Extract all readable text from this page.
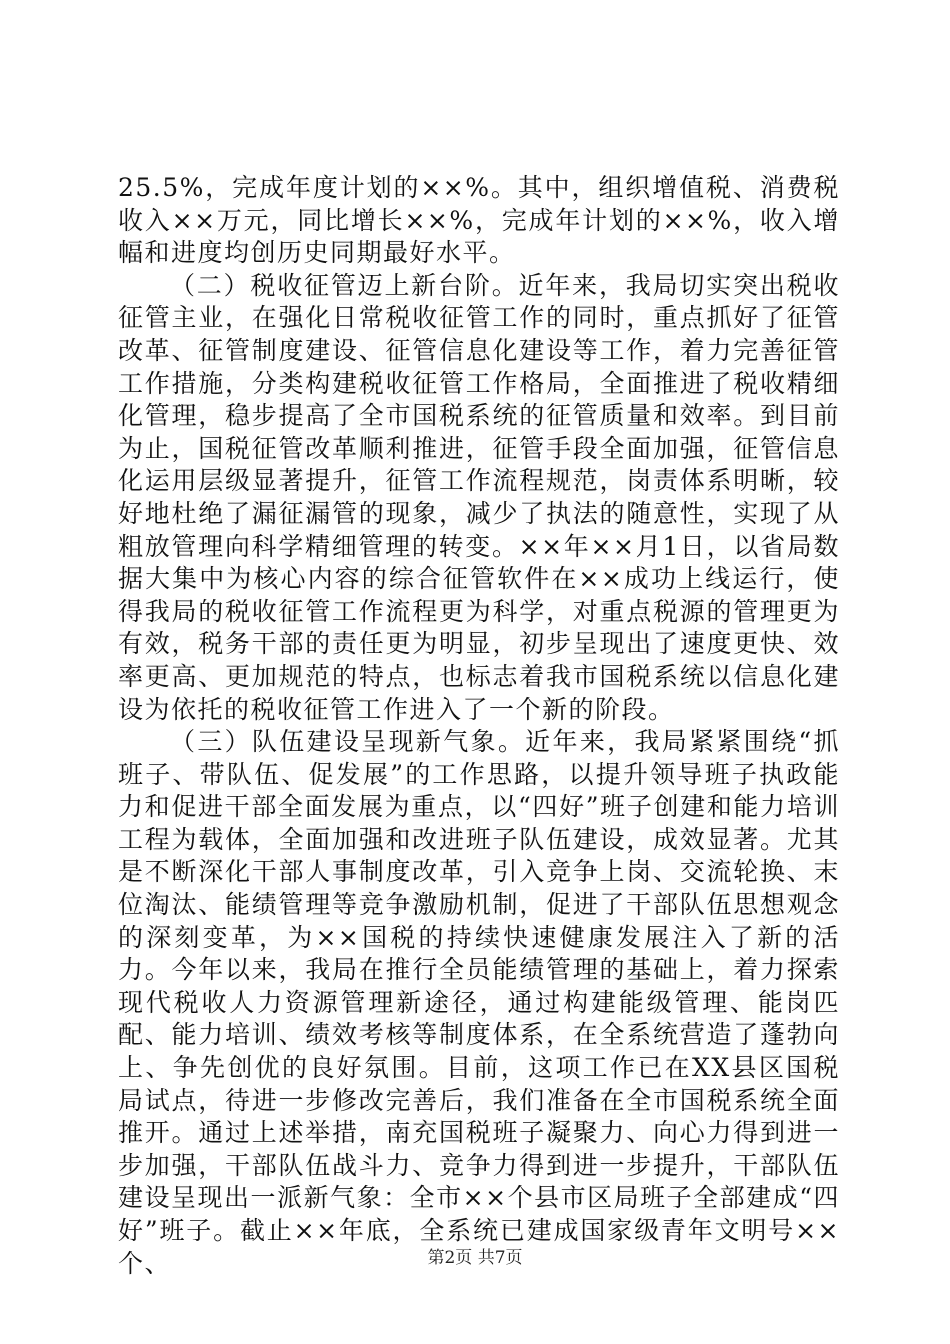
25.5%，完成年度计划的××%。其中，组织增值税、消费税收入××万元，同比增长××%，完成年计划的××%，收入增幅和进度均创历史同期最好水平。

（二）税收征管迈上新台阶。近年来，我局切实突出税收征管主业，在强化日常税收征管工作的同时，重点抓好了征管改革、征管制度建设、征管信息化建设等工作，着力完善征管工作措施，分类构建税收征管工作格局，全面推进了税收精细化管理，稳步提高了全市国税系统的征管质量和效率。到目前为止，国税征管改革顺利推进，征管手段全面加强，征管信息化运用层级显著提升，征管工作流程规范，岗责体系明晰，较好地杜绝了漏征漏管的现象，减少了执法的随意性，实现了从粗放管理向科学精细管理的转变。××年××月1日，以省局数据大集中为核心内容的综合征管软件在××成功上线运行，使得我局的税收征管工作流程更为科学，对重点税源的管理更为有效，税务干部的责任更为明显，初步呈现出了速度更快、效率更高、更加规范的特点，也标志着我市国税系统以信息化建设为依托的税收征管工作进入了一个新的阶段。

（三）队伍建设呈现新气象。近年来，我局紧紧围绕“抓班子、带队伍、促发展”的工作思路，以提升领导班子执政能力和促进干部全面发展为重点，以“四好”班子创建和能力培训工程为载体，全面加强和改进班子队伍建设，成效显著。尤其是不断深化干部人事制度改革，引入竞争上岗、交流轮换、末位淘汰、能绩管理等竞争激励机制，促进了干部队伍思想观念的深刻变革，为××国税的持续快速健康发展注入了新的活力。今年以来，我局在推行全员能绩管理的基础上，着力探索现代税收人力资源管理新途径，通过构建能级管理、能岗匹配、能力培训、绩效考核等制度体系，在全系统营造了蓬勃向上、争先创优的良好氛围。目前，这项工作已在XX县区国税局试点，待进一步修改完善后，我们准备在全市国税系统全面推开。通过上述举措，南充国税班子凝聚力、向心力得到进一步加强，干部队伍战斗力、竞争力得到进一步提升，干部队伍建设呈现出一派新气象：全市××个县市区局班子全部建成“四好”班子。截止××年底，全系统已建成国家级青年文明号××个、	第2页 共7页
